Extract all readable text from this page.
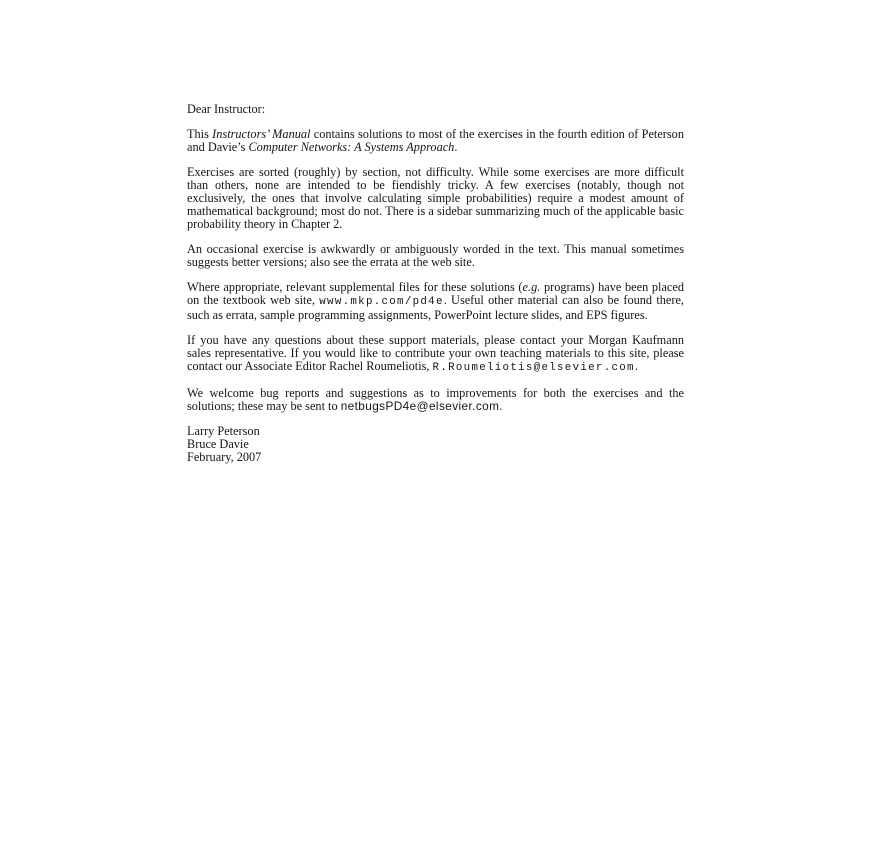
Dear Instructor:

This Instructors’ Manual contains solutions to most of the exercises in the fourth edition of Peterson and Davie’s Computer Networks: A Systems Approach.

Exercises are sorted (roughly) by section, not difficulty. While some exercises are more difficult than others, none are intended to be fiendishly tricky. A few exercises (notably, though not exclusively, the ones that involve calculating simple probabilities) require a modest amount of mathematical background; most do not. There is a sidebar summarizing much of the applicable basic probability theory in Chapter 2.

An occasional exercise is awkwardly or ambiguously worded in the text. This manual sometimes suggests better versions; also see the errata at the web site.

Where appropriate, relevant supplemental files for these solutions (e.g. programs) have been placed on the textbook web site, www.mkp.com/pd4e. Useful other material can also be found there, such as errata, sample programming assignments, PowerPoint lecture slides, and EPS figures.

If you have any questions about these support materials, please contact your Morgan Kaufmann sales representative. If you would like to contribute your own teaching materials to this site, please contact our Associate Editor Rachel Roumeliotis, R.Roumeliotis@elsevier.com.

We welcome bug reports and suggestions as to improvements for both the exercises and the solutions; these may be sent to netbugsPD4e@elsevier.com.

Larry Peterson

Bruce Davie

February, 2007
